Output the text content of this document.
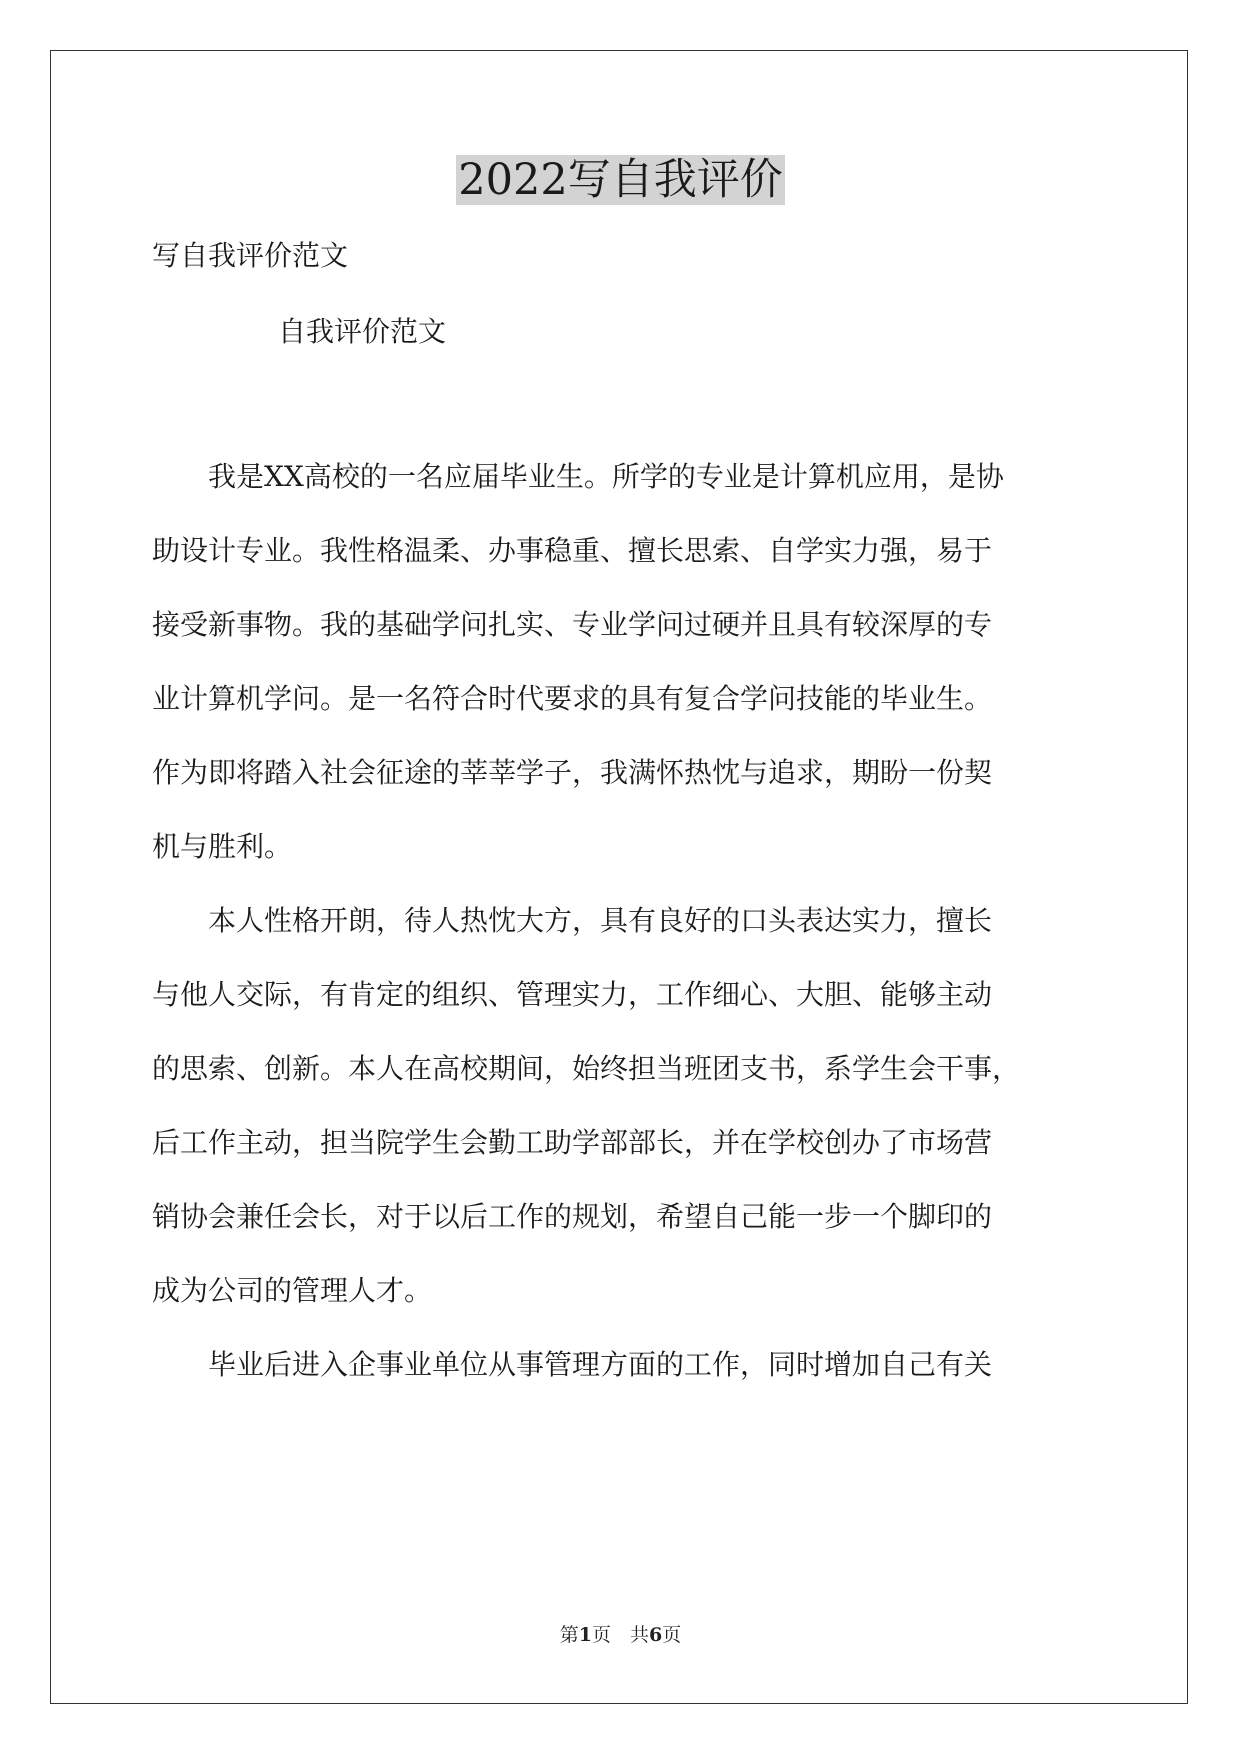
2022写自我评价
写自我评价范文
自我评价范文
我是XX高校的一名应届毕业生。所学的专业是计算机应用，是协
助设计专业。我性格温柔、办事稳重、擅长思索、自学实力强，易于
接受新事物。我的基础学问扎实、专业学问过硬并且具有较深厚的专
业计算机学问。是一名符合时代要求的具有复合学问技能的毕业生。
作为即将踏入社会征途的莘莘学子，我满怀热忱与追求，期盼一份契
机与胜利。
本人性格开朗，待人热忱大方，具有良好的口头表达实力，擅长
与他人交际，有肯定的组织、管理实力，工作细心、大胆、能够主动
的思索、创新。本人在高校期间，始终担当班团支书，系学生会干事，
后工作主动，担当院学生会勤工助学部部长，并在学校创办了市场营
销协会兼任会长，对于以后工作的规划，希望自己能一步一个脚印的
成为公司的管理人才。
毕业后进入企事业单位从事管理方面的工作，同时增加自己有关
第1页　共6页
